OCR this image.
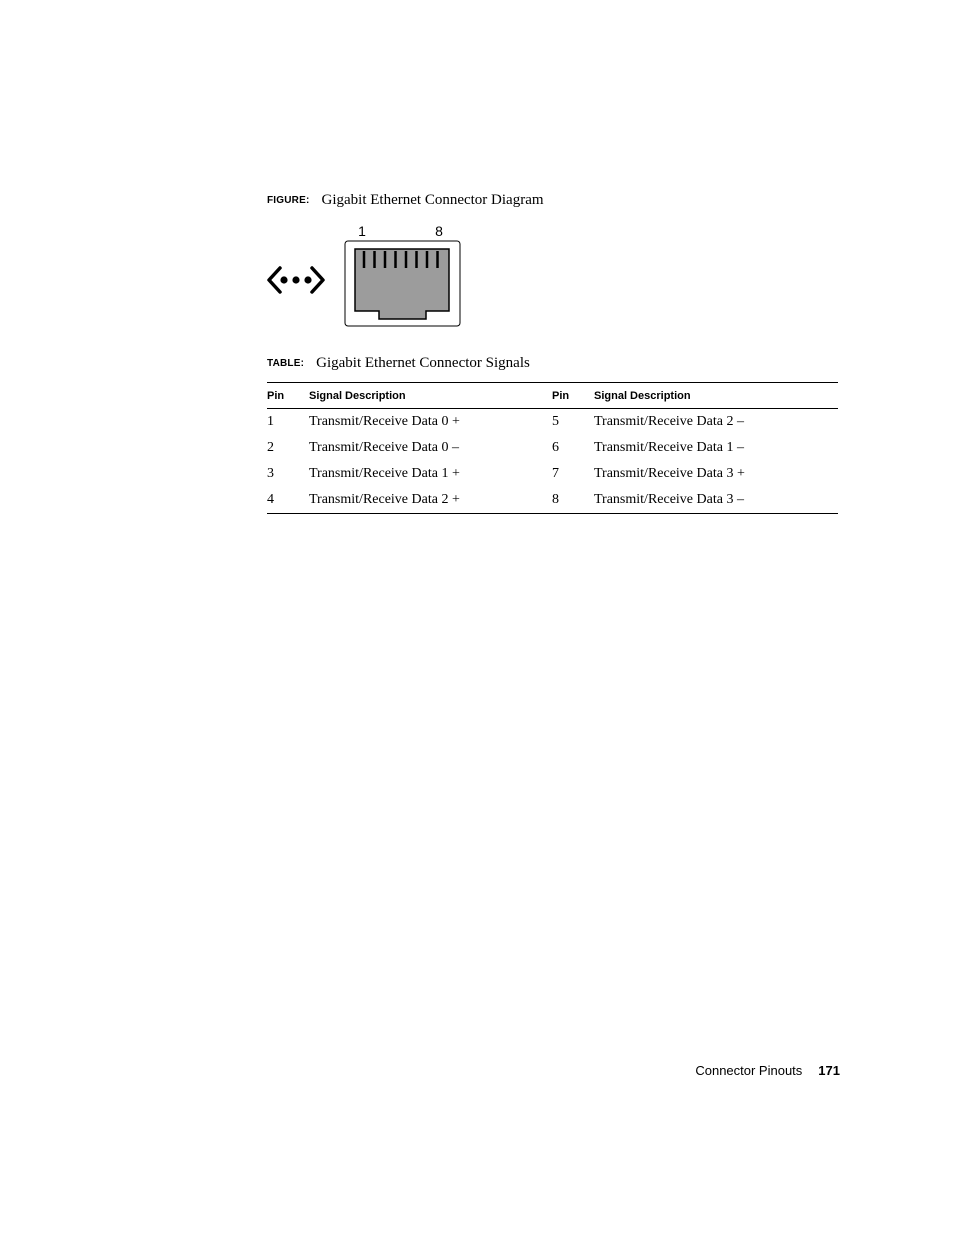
FIGURE: Gigabit Ethernet Connector Diagram
1	8
TABLE: Gigabit Ethernet Connector Signals
Pin	Signal Description	Pin	Signal Description
1	Transmit/Receive Data 0 +	5	Transmit/Receive Data 2 –
2	Transmit/Receive Data 0 –	6	Transmit/Receive Data 1 –
3	Transmit/Receive Data 1 +	7	Transmit/Receive Data 3 +
4	Transmit/Receive Data 2 +	8	Transmit/Receive Data 3 –
Connector Pinouts 171
